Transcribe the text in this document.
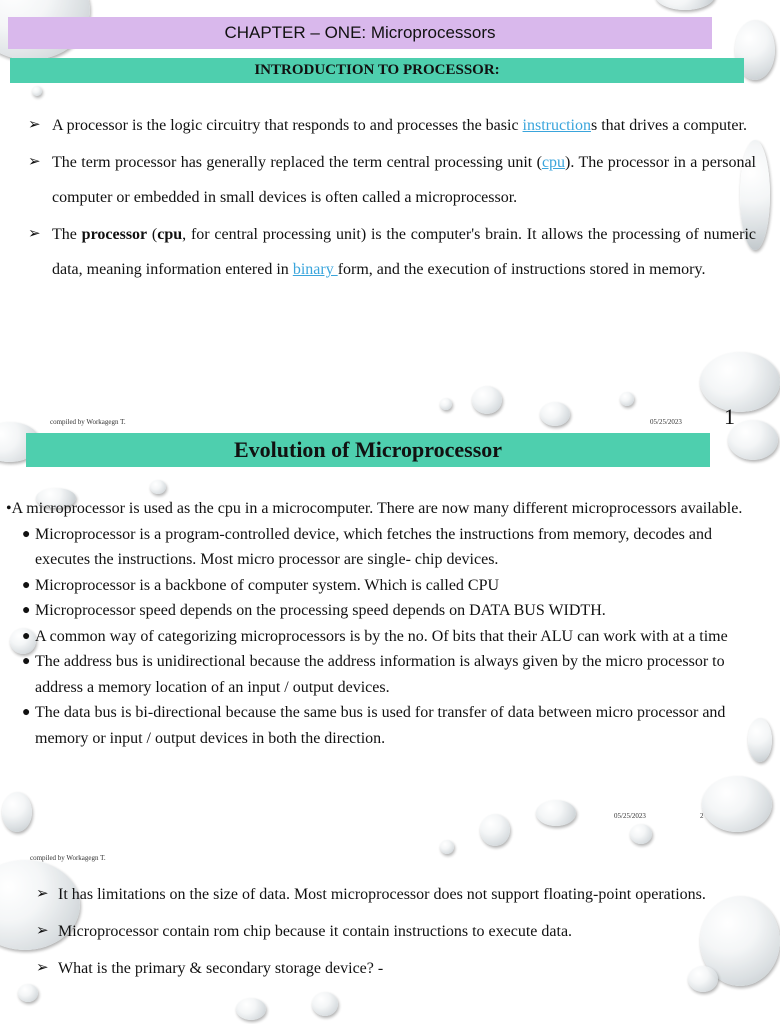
CHAPTER – ONE: Microprocessors
INTRODUCTION TO PROCESSOR:
➢ A processor is the logic circuitry that responds to and processes the basic instructions that drives a computer.
➢ The term processor has generally replaced the term central processing unit (cpu). The processor in a personal computer or embedded in small devices is often called a microprocessor.
➢ The processor (cpu, for central processing unit) is the computer's brain. It allows the processing of numeric data, meaning information entered in binary form, and the execution of instructions stored in memory.
compiled by Workagegn T.	05/25/2023 1
Evolution of Microprocessor
•A microprocessor is used as the cpu in a microcomputer. There are now many different microprocessors available.
● Microprocessor is a program-controlled device, which fetches the instructions from memory, decodes and executes the instructions. Most micro processor are single- chip devices.
● Microprocessor is a backbone of computer system. Which is called CPU
● Microprocessor speed depends on the processing speed depends on DATA BUS WIDTH.
● A common way of categorizing microprocessors is by the no. Of bits that their ALU can work with at a time
● The address bus is unidirectional because the address information is always given by the micro processor to address a memory location of an input / output devices.
● The data bus is bi-directional because the same bus is used for transfer of data between micro processor and memory or input / output devices in both the direction.
05/25/2023	2
compiled by Workagegn T.
➢ It has limitations on the size of data. Most microprocessor does not support floating-point operations.
➢ Microprocessor contain rom chip because it contain instructions to execute data.
➢ What is the primary & secondary storage device? -
